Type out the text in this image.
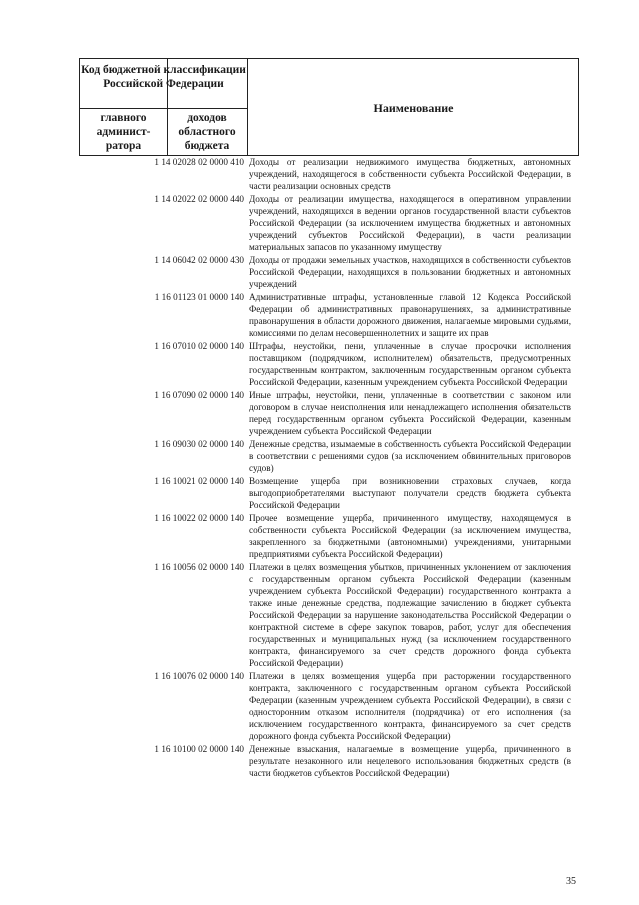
Код бюджетной классификации Российской Федерации
главного админист-ратора
доходов областного бюджета
Наименование
1 14 02028 02 0000 410 Доходы от реализации недвижимого имущества бюджетных, автономных учреждений, находящегося в собственности субъекта Российской Федерации, в части реализации основных средств
1 14 02022 02 0000 440 Доходы от реализации имущества, находящегося в оперативном управлении учреждений, находящихся в ведении органов государственной власти субъектов Российской Федерации (за исключением имущества бюджетных и автономных учреждений субъектов Российской Федерации), в части реализации материальных запасов по указанному имуществу
1 14 06042 02 0000 430 Доходы от продажи земельных участков, находящихся в собственности субъектов Российской Федерации, находящихся в пользовании бюджетных и автономных учреждений
1 16 01123 01 0000 140 Административные штрафы, установленные главой 12 Кодекса Российской Федерации об административных правонарушениях, за административные правонарушения в области дорожного движения, налагаемые мировыми судьями, комиссиями по делам несовершеннолетних и защите их прав
1 16 07010 02 0000 140 Штрафы, неустойки, пени, уплаченные в случае просрочки исполнения поставщиком (подрядчиком, исполнителем) обязательств, предусмотренных государственным контрактом, заключенным государственным органом субъекта Российской Федерации, казенным учреждением субъекта Российской Федерации
1 16 07090 02 0000 140 Иные штрафы, неустойки, пени, уплаченные в соответствии с законом или договором в случае неисполнения или ненадлежащего исполнения обязательств перед государственным органом субъекта Российской Федерации, казенным учреждением субъекта Российской Федерации
1 16 09030 02 0000 140 Денежные средства, изымаемые в собственность субъекта Российской Федерации в соответствии с решениями судов (за исключением обвинительных приговоров судов)
1 16 10021 02 0000 140 Возмещение ущерба при возникновении страховых случаев, когда выгодоприобретателями выступают получатели средств бюджета субъекта Российской Федерации
1 16 10022 02 0000 140 Прочее возмещение ущерба, причиненного имуществу, находящемуся в собственности субъекта Российской Федерации (за исключением имущества, закрепленного за бюджетными (автономными) учреждениями, унитарными предприятиями субъекта Российской Федерации)
1 16 10056 02 0000 140 Платежи в целях возмещения убытков, причиненных уклонением от заключения с государственным органом субъекта Российской Федерации (казенным учреждением субъекта Российской Федерации) государственного контракта а также иные денежные средства, подлежащие зачислению в бюджет субъекта Российской Федерации за нарушение законодательства Российской Федерации о контрактной системе в сфере закупок товаров, работ, услуг для обеспечения государственных и муниципальных нужд (за исключением государственного контракта, финансируемого за счет средств дорожного фонда субъекта Российской Федерации)
1 16 10076 02 0000 140 Платежи в целях возмещения ущерба при расторжении государственного контракта, заключенного с государственным органом субъекта Российской Федерации (казенным учреждением субъекта Российской Федерации), в связи с односторонним отказом исполнителя (подрядчика) от его исполнения (за исключением государственного контракта, финансируемого за счет средств дорожного фонда субъекта Российской Федерации)
1 16 10100 02 0000 140 Денежные взыскания, налагаемые в возмещение ущерба, причиненного в результате незаконного или нецелевого использования бюджетных средств (в части бюджетов субъектов Российской Федерации)
35
